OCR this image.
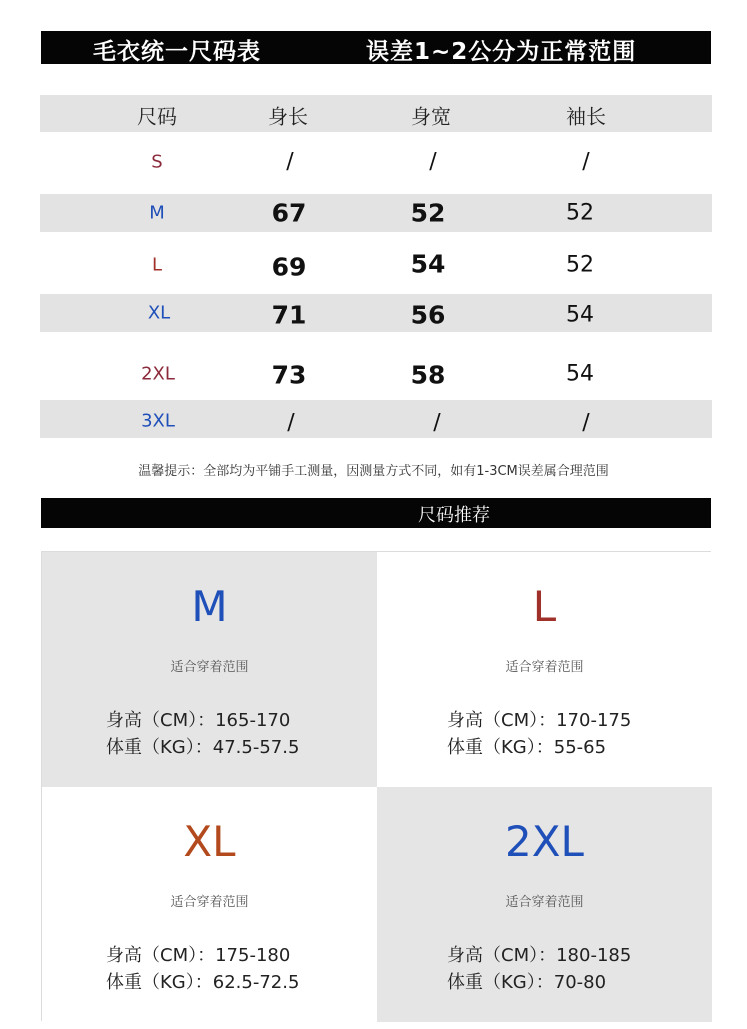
毛衣统一尺码表	误差1~2公分为正常范围
尺码	身长	身宽	袖长
S	/	/	/
M	67	52	52
L	69	54	52
XL	71	56	54
2XL	73	58	54
3XL	/	/	/
温馨提示：全部均为平铺手工测量，因测量方式不同，如有1-3CM误差属合理范围
尺码推荐
M
适合穿着范围
身高（CM）：165-170
体重（KG）：47.5-57.5
L
适合穿着范围
身高（CM）：170-175
体重（KG）：55-65
XL
适合穿着范围
身高（CM）：175-180
体重（KG）：62.5-72.5
2XL
适合穿着范围
身高（CM）：180-185
体重（KG）：70-80
